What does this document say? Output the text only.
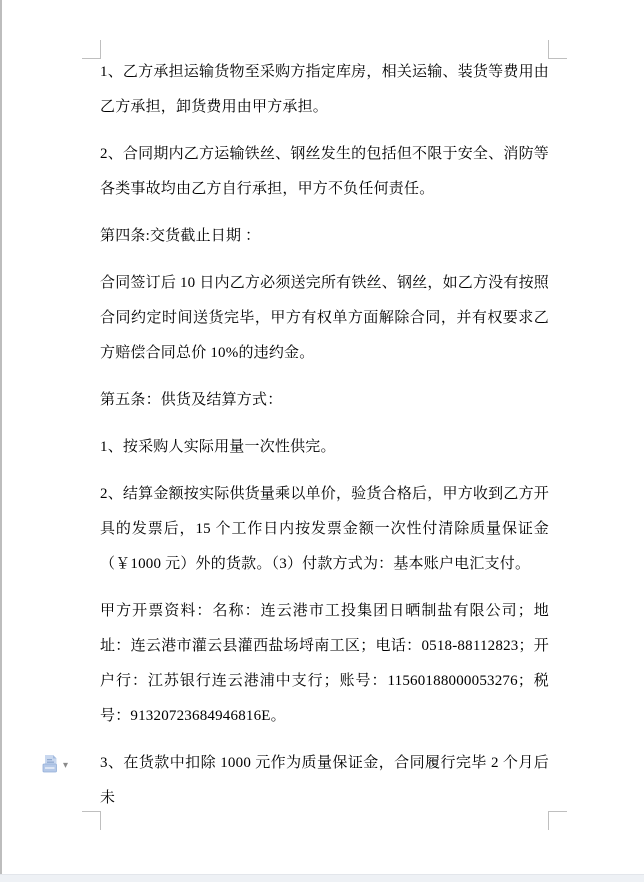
1、乙方承担运输货物至采购方指定库房，相关运输、装货等费用由乙方承担，卸货费用由甲方承担。

2、合同期内乙方运输铁丝、钢丝发生的包括但不限于安全、消防等各类事故均由乙方自行承担，甲方不负任何责任。

第四条:交货截止日期 ：

合同签订后 10 日内乙方必须送完所有铁丝、钢丝，如乙方没有按照合同约定时间送货完毕，甲方有权单方面解除合同，并有权要求乙方赔偿合同总价 10%的违约金。

第五条：供货及结算方式：

1、按采购人实际用量一次性供完。

2、结算金额按实际供货量乘以单价，验货合格后，甲方收到乙方开具的发票后，15 个工作日内按发票金额一次性付清除质量保证金（￥1000 元）外的货款。（3）付款方式为：基本账户电汇支付。

甲方开票资料：名称：连云港市工投集团日晒制盐有限公司；地址：连云港市灌云县灌西盐场埒南工区；电话：0518-88112823；开户行：江苏银行连云港浦中支行；账号：11560188000053276；税号：91320723684946816E。

3、在货款中扣除 1000 元作为质量保证金，合同履行完毕 2 个月后未

▾
